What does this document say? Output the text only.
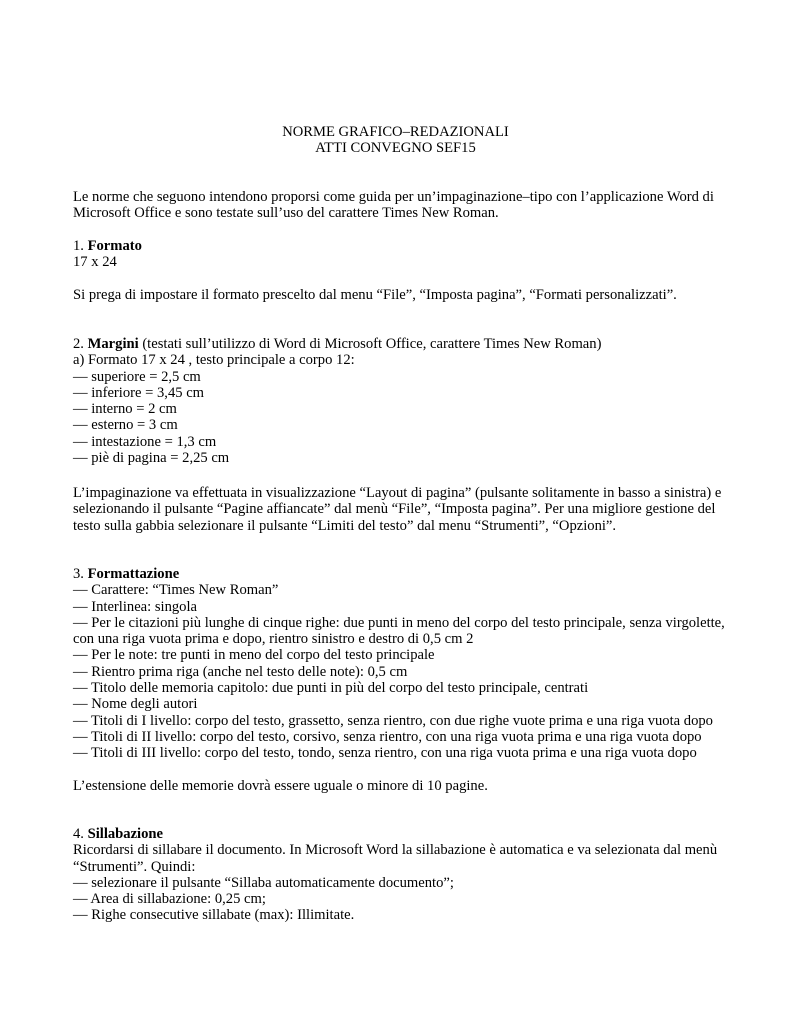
NORME GRAFICO–REDAZIONALI
ATTI CONVEGNO SEF15
Le norme che seguono intendono proporsi come guida per un’impaginazione–tipo con l’applicazione Word di
Microsoft Office e sono testate sull’uso del carattere Times New Roman.
1. Formato
17 x 24
Si prega di impostare il formato prescelto dal menu “File”, “Imposta pagina”, “Formati personalizzati”.
2. Margini (testati sull’utilizzo di Word di Microsoft Office, carattere Times New Roman)
a) Formato 17 x 24 , testo principale a corpo 12:
— superiore = 2,5 cm
— inferiore = 3,45 cm
— interno = 2 cm
— esterno = 3 cm
— intestazione = 1,3 cm
— piè di pagina = 2,25 cm
L’impaginazione va effettuata in visualizzazione “Layout di pagina” (pulsante solitamente in basso a sinistra) e
selezionando il pulsante “Pagine affiancate” dal menù “File”, “Imposta pagina”. Per una migliore gestione del
testo sulla gabbia selezionare il pulsante “Limiti del testo” dal menu “Strumenti”, “Opzioni”.
3. Formattazione
— Carattere: “Times New Roman”
— Interlinea: singola
— Per le citazioni più lunghe di cinque righe: due punti in meno del corpo del testo principale, senza virgolette,
con una riga vuota prima e dopo, rientro sinistro e destro di 0,5 cm 2
— Per le note: tre punti in meno del corpo del testo principale
— Rientro prima riga (anche nel testo delle note): 0,5 cm
— Titolo delle memoria capitolo: due punti in più del corpo del testo principale, centrati
— Nome degli autori
— Titoli di I livello: corpo del testo, grassetto, senza rientro, con due righe vuote prima e una riga vuota dopo
— Titoli di II livello: corpo del testo, corsivo, senza rientro, con una riga vuota prima e una riga vuota dopo
— Titoli di III livello: corpo del testo, tondo, senza rientro, con una riga vuota prima e una riga vuota dopo
L’estensione delle memorie dovrà essere uguale o minore di 10 pagine.
4. Sillabazione
Ricordarsi di sillabare il documento. In Microsoft Word la sillabazione è automatica e va selezionata dal menù
“Strumenti”. Quindi:
— selezionare il pulsante “Sillaba automaticamente documento”;
— Area di sillabazione: 0,25 cm;
— Righe consecutive sillabate (max): Illimitate.
